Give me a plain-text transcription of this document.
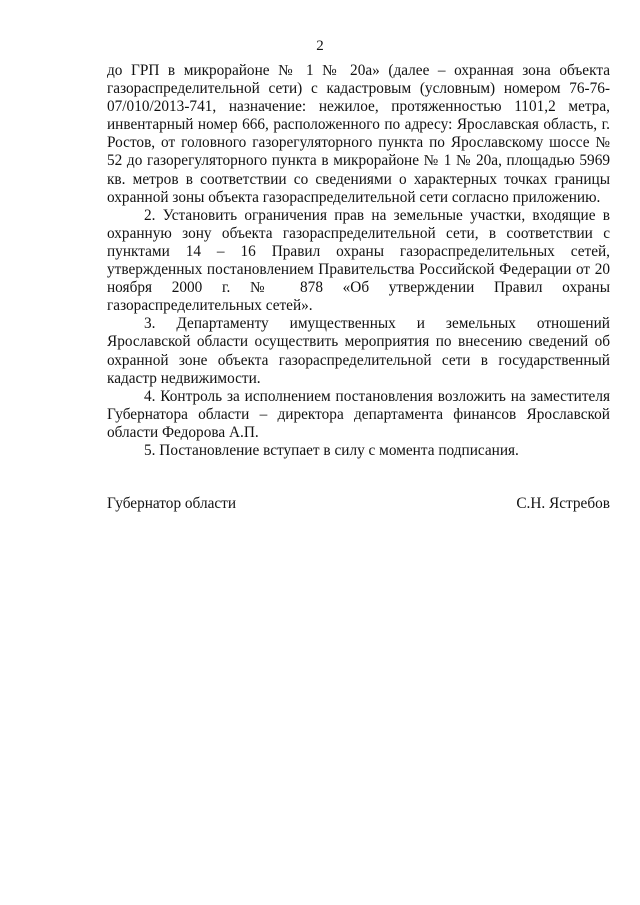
2

до ГРП в микрорайоне № 1 № 20а» (далее – охранная зона объекта газораспределительной сети) с кадастровым (условным) номером 76-76-07/010/2013-741, назначение: нежилое, протяженностью 1101,2 метра, инвентарный номер 666, расположенного по адресу: Ярославская область, г. Ростов, от головного газорегуляторного пункта по Ярославскому шоссе № 52 до газорегуляторного пункта в микрорайоне № 1 № 20а, площадью 5969 кв. метров в соответствии со сведениями о характерных точках границы охранной зоны объекта газораспределительной сети согласно приложению.

2. Установить ограничения прав на земельные участки, входящие в охранную зону объекта газораспределительной сети, в соответствии с пунктами 14 – 16 Правил охраны газораспределительных сетей, утвержденных постановлением Правительства Российской Федерации от 20 ноября 2000 г. № 878 «Об утверждении Правил охраны газораспределительных сетей».

3. Департаменту имущественных и земельных отношений Ярославской области осуществить мероприятия по внесению сведений об охранной зоне объекта газораспределительной сети в государственный кадастр недвижимости.

4. Контроль за исполнением постановления возложить на заместителя Губернатора области – директора департамента финансов Ярославской области Федорова А.П.

5. Постановление вступает в силу с момента подписания.

Губернатор области	С.Н. Ястребов
